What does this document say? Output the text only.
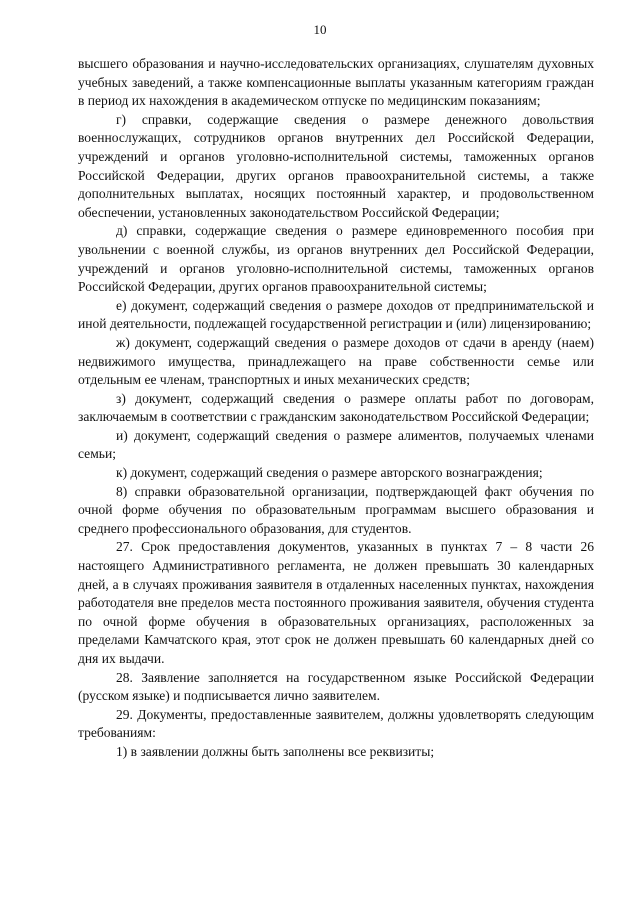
10

высшего образования и научно-исследовательских организациях, слушателям духовных учебных заведений, а также компенсационные выплаты указанным категориям граждан в период их нахождения в академическом отпуске по медицинским показаниям;

г) справки, содержащие сведения о размере денежного довольствия военнослужащих, сотрудников органов внутренних дел Российской Федерации, учреждений и органов уголовно-исполнительной системы, таможенных органов Российской Федерации, других органов правоохранительной системы, а также дополнительных выплатах, носящих постоянный характер, и продовольственном обеспечении, установленных законодательством Российской Федерации;

д) справки, содержащие сведения о размере единовременного пособия при увольнении с военной службы, из органов внутренних дел Российской Федерации, учреждений и органов уголовно-исполнительной системы, таможенных органов Российской Федерации, других органов правоохранительной системы;

е) документ, содержащий сведения о размере доходов от предпринимательской и иной деятельности, подлежащей государственной регистрации и (или) лицензированию;

ж) документ, содержащий сведения о размере доходов от сдачи в аренду (наем) недвижимого имущества, принадлежащего на праве собственности семье или отдельным ее членам, транспортных и иных механических средств;

з) документ, содержащий сведения о размере оплаты работ по договорам, заключаемым в соответствии с гражданским законодательством Российской Федерации;

и) документ, содержащий сведения о размере алиментов, получаемых членами семьи;

к) документ, содержащий сведения о размере авторского вознаграждения;

8) справки образовательной организации, подтверждающей факт обучения по очной форме обучения по образовательным программам высшего образования и среднего профессионального образования, для студентов.

27. Срок предоставления документов, указанных в пунктах 7 – 8 части 26 настоящего Административного регламента, не должен превышать 30 календарных дней, а в случаях проживания заявителя в отдаленных населенных пунктах, нахождения работодателя вне пределов места постоянного проживания заявителя, обучения студента по очной форме обучения в образовательных организациях, расположенных за пределами Камчатского края, этот срок не должен превышать 60 календарных дней со дня их выдачи.

28. Заявление заполняется на государственном языке Российской Федерации (русском языке) и подписывается лично заявителем.

29. Документы, предоставленные заявителем, должны удовлетворять следующим требованиям:

1) в заявлении должны быть заполнены все реквизиты;
